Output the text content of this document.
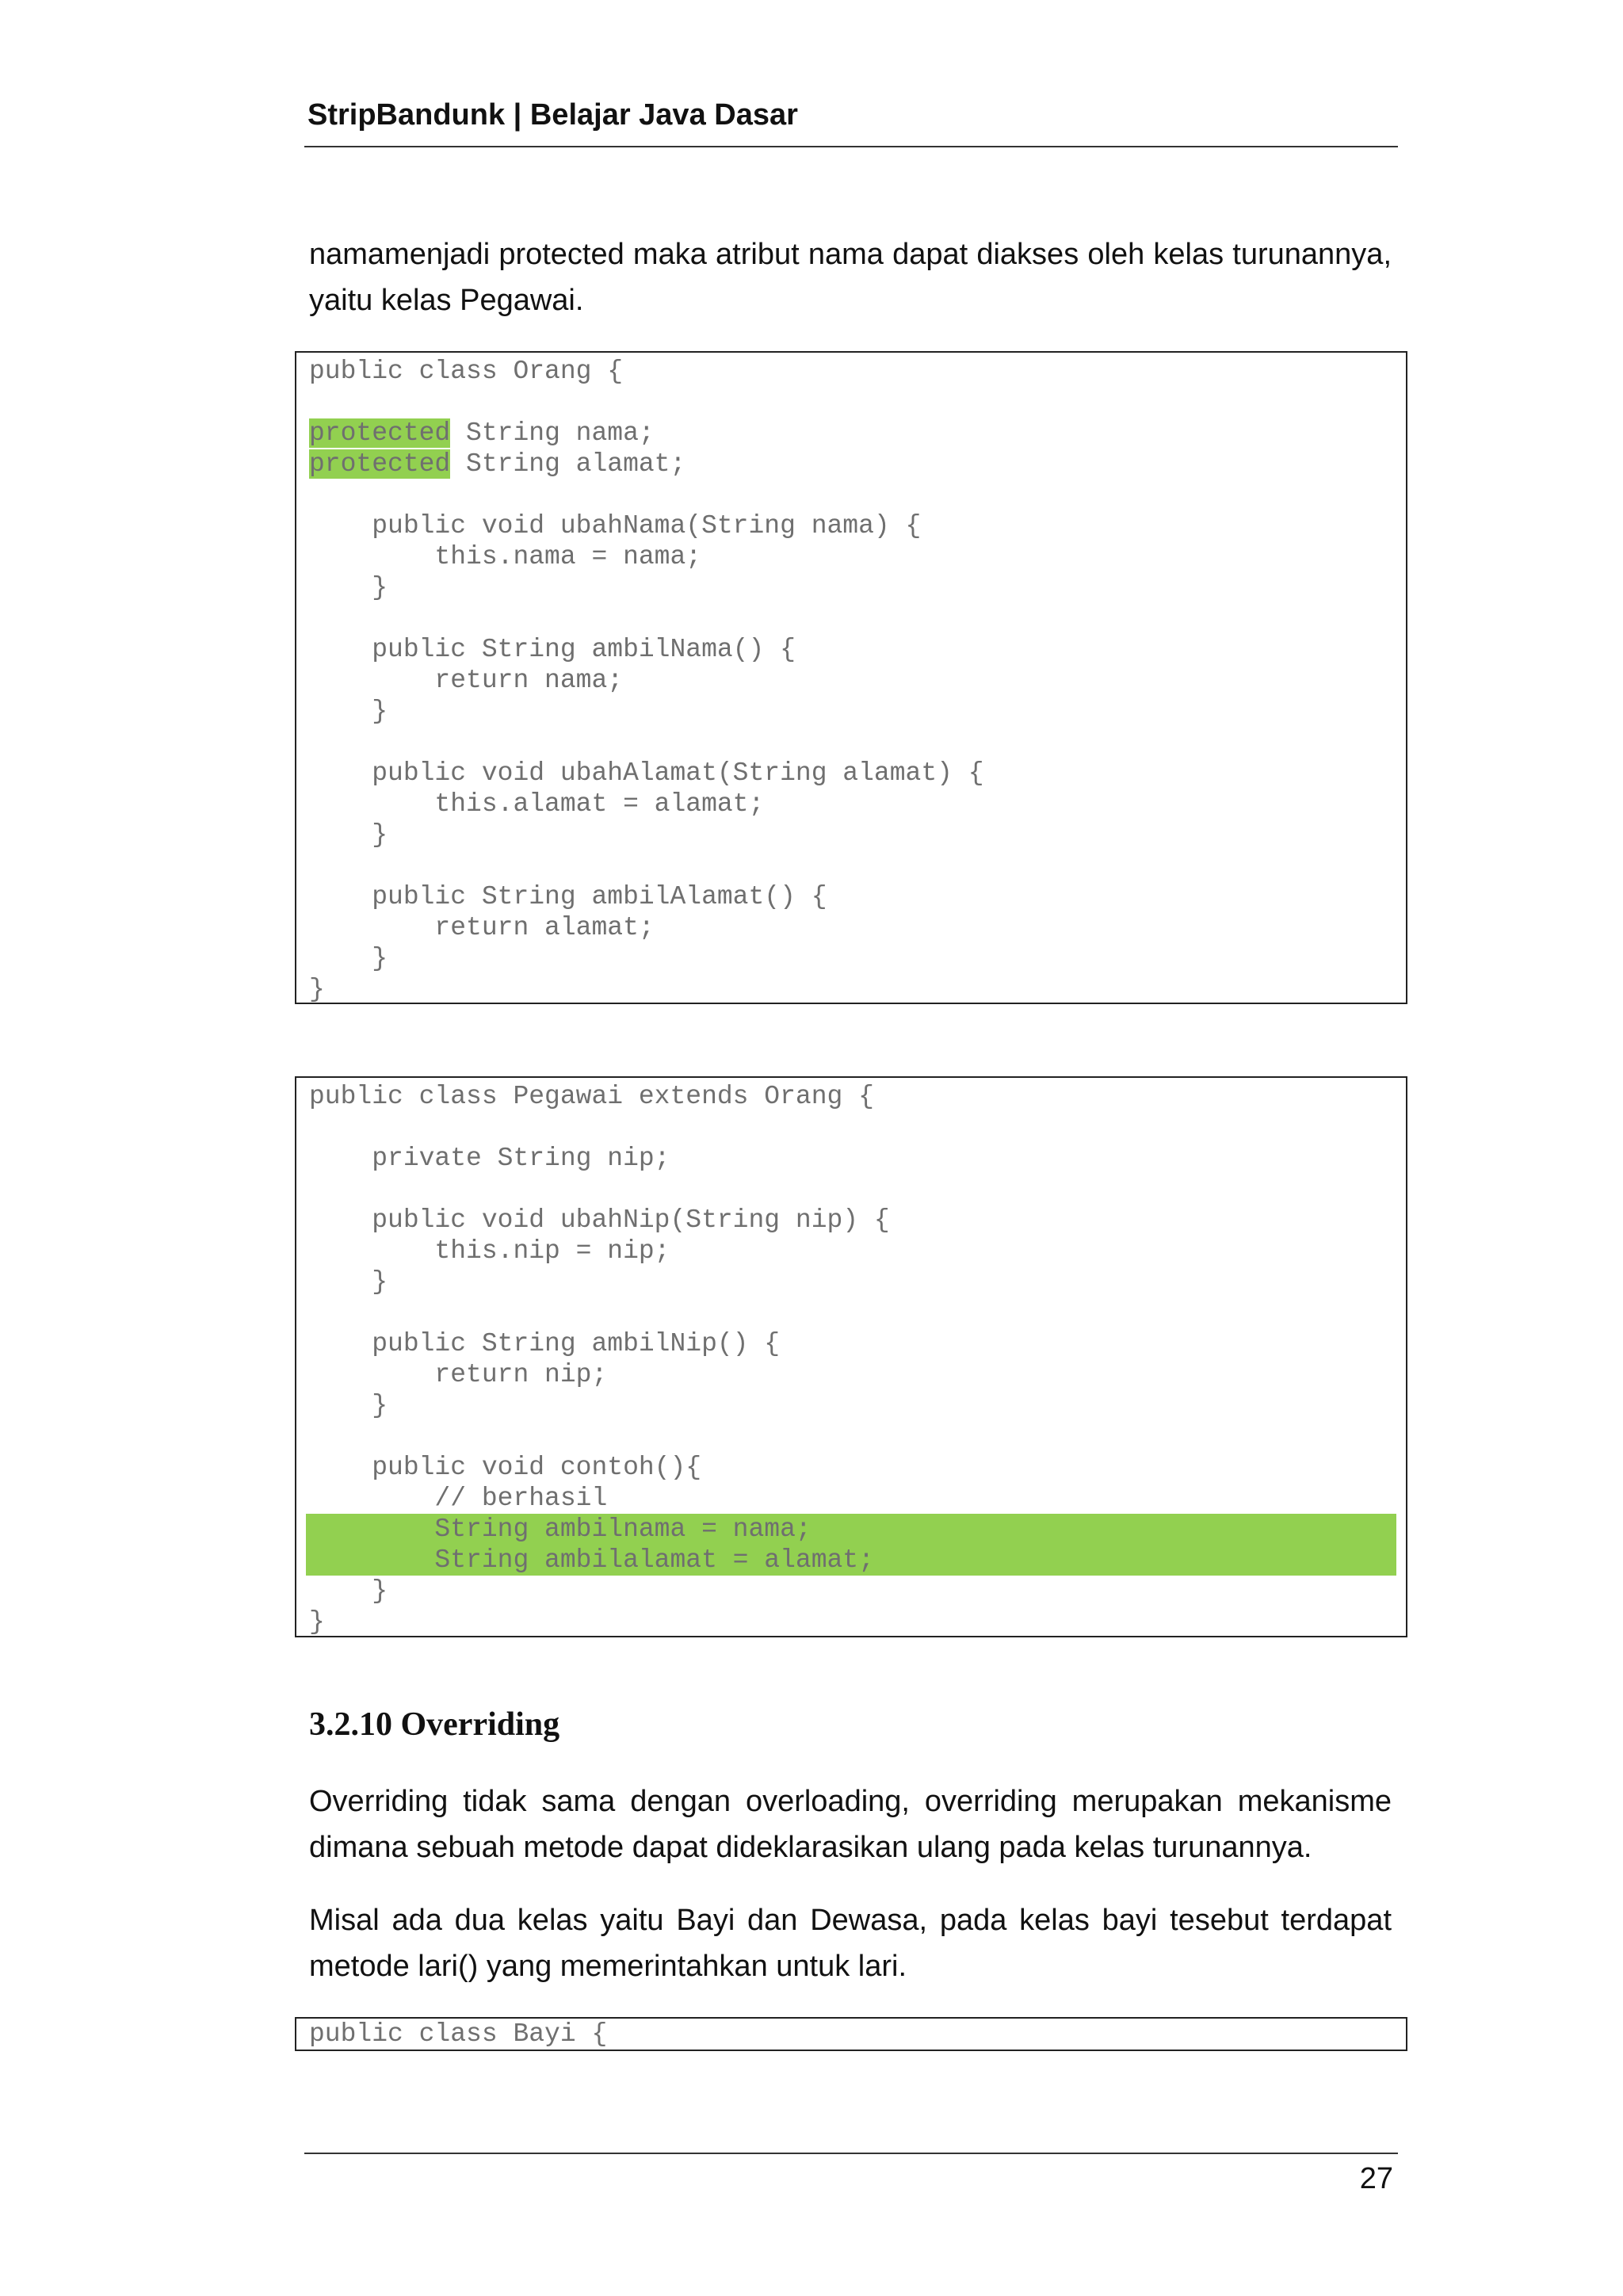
StripBandunk | Belajar Java Dasar

namamenjadi protected maka atribut nama dapat diakses oleh kelas turunannya,

yaitu kelas Pegawai.

public class Orang {
protected String nama;
protected String alamat;
public void ubahNama(String nama) {
this.nama = nama;
}
public String ambilNama() {
return nama;
}
public void ubahAlamat(String alamat) {
this.alamat = alamat;
}
public String ambilAlamat() {
return alamat;
}
}
public class Pegawai extends Orang {
private String nip;
public void ubahNip(String nip) {
this.nip = nip;
}
public String ambilNip() {
return nip;
}
public void contoh(){
// berhasil
String ambilnama = nama;
String ambilalamat = alamat;
}
}
3.2.10 Overriding

Overriding tidak sama dengan overloading, overriding merupakan mekanisme

dimana sebuah metode dapat dideklarasikan ulang pada kelas turunannya.

Misal ada dua kelas yaitu Bayi dan Dewasa, pada kelas bayi tesebut terdapat

metode lari() yang memerintahkan untuk lari.

public class Bayi {
27
